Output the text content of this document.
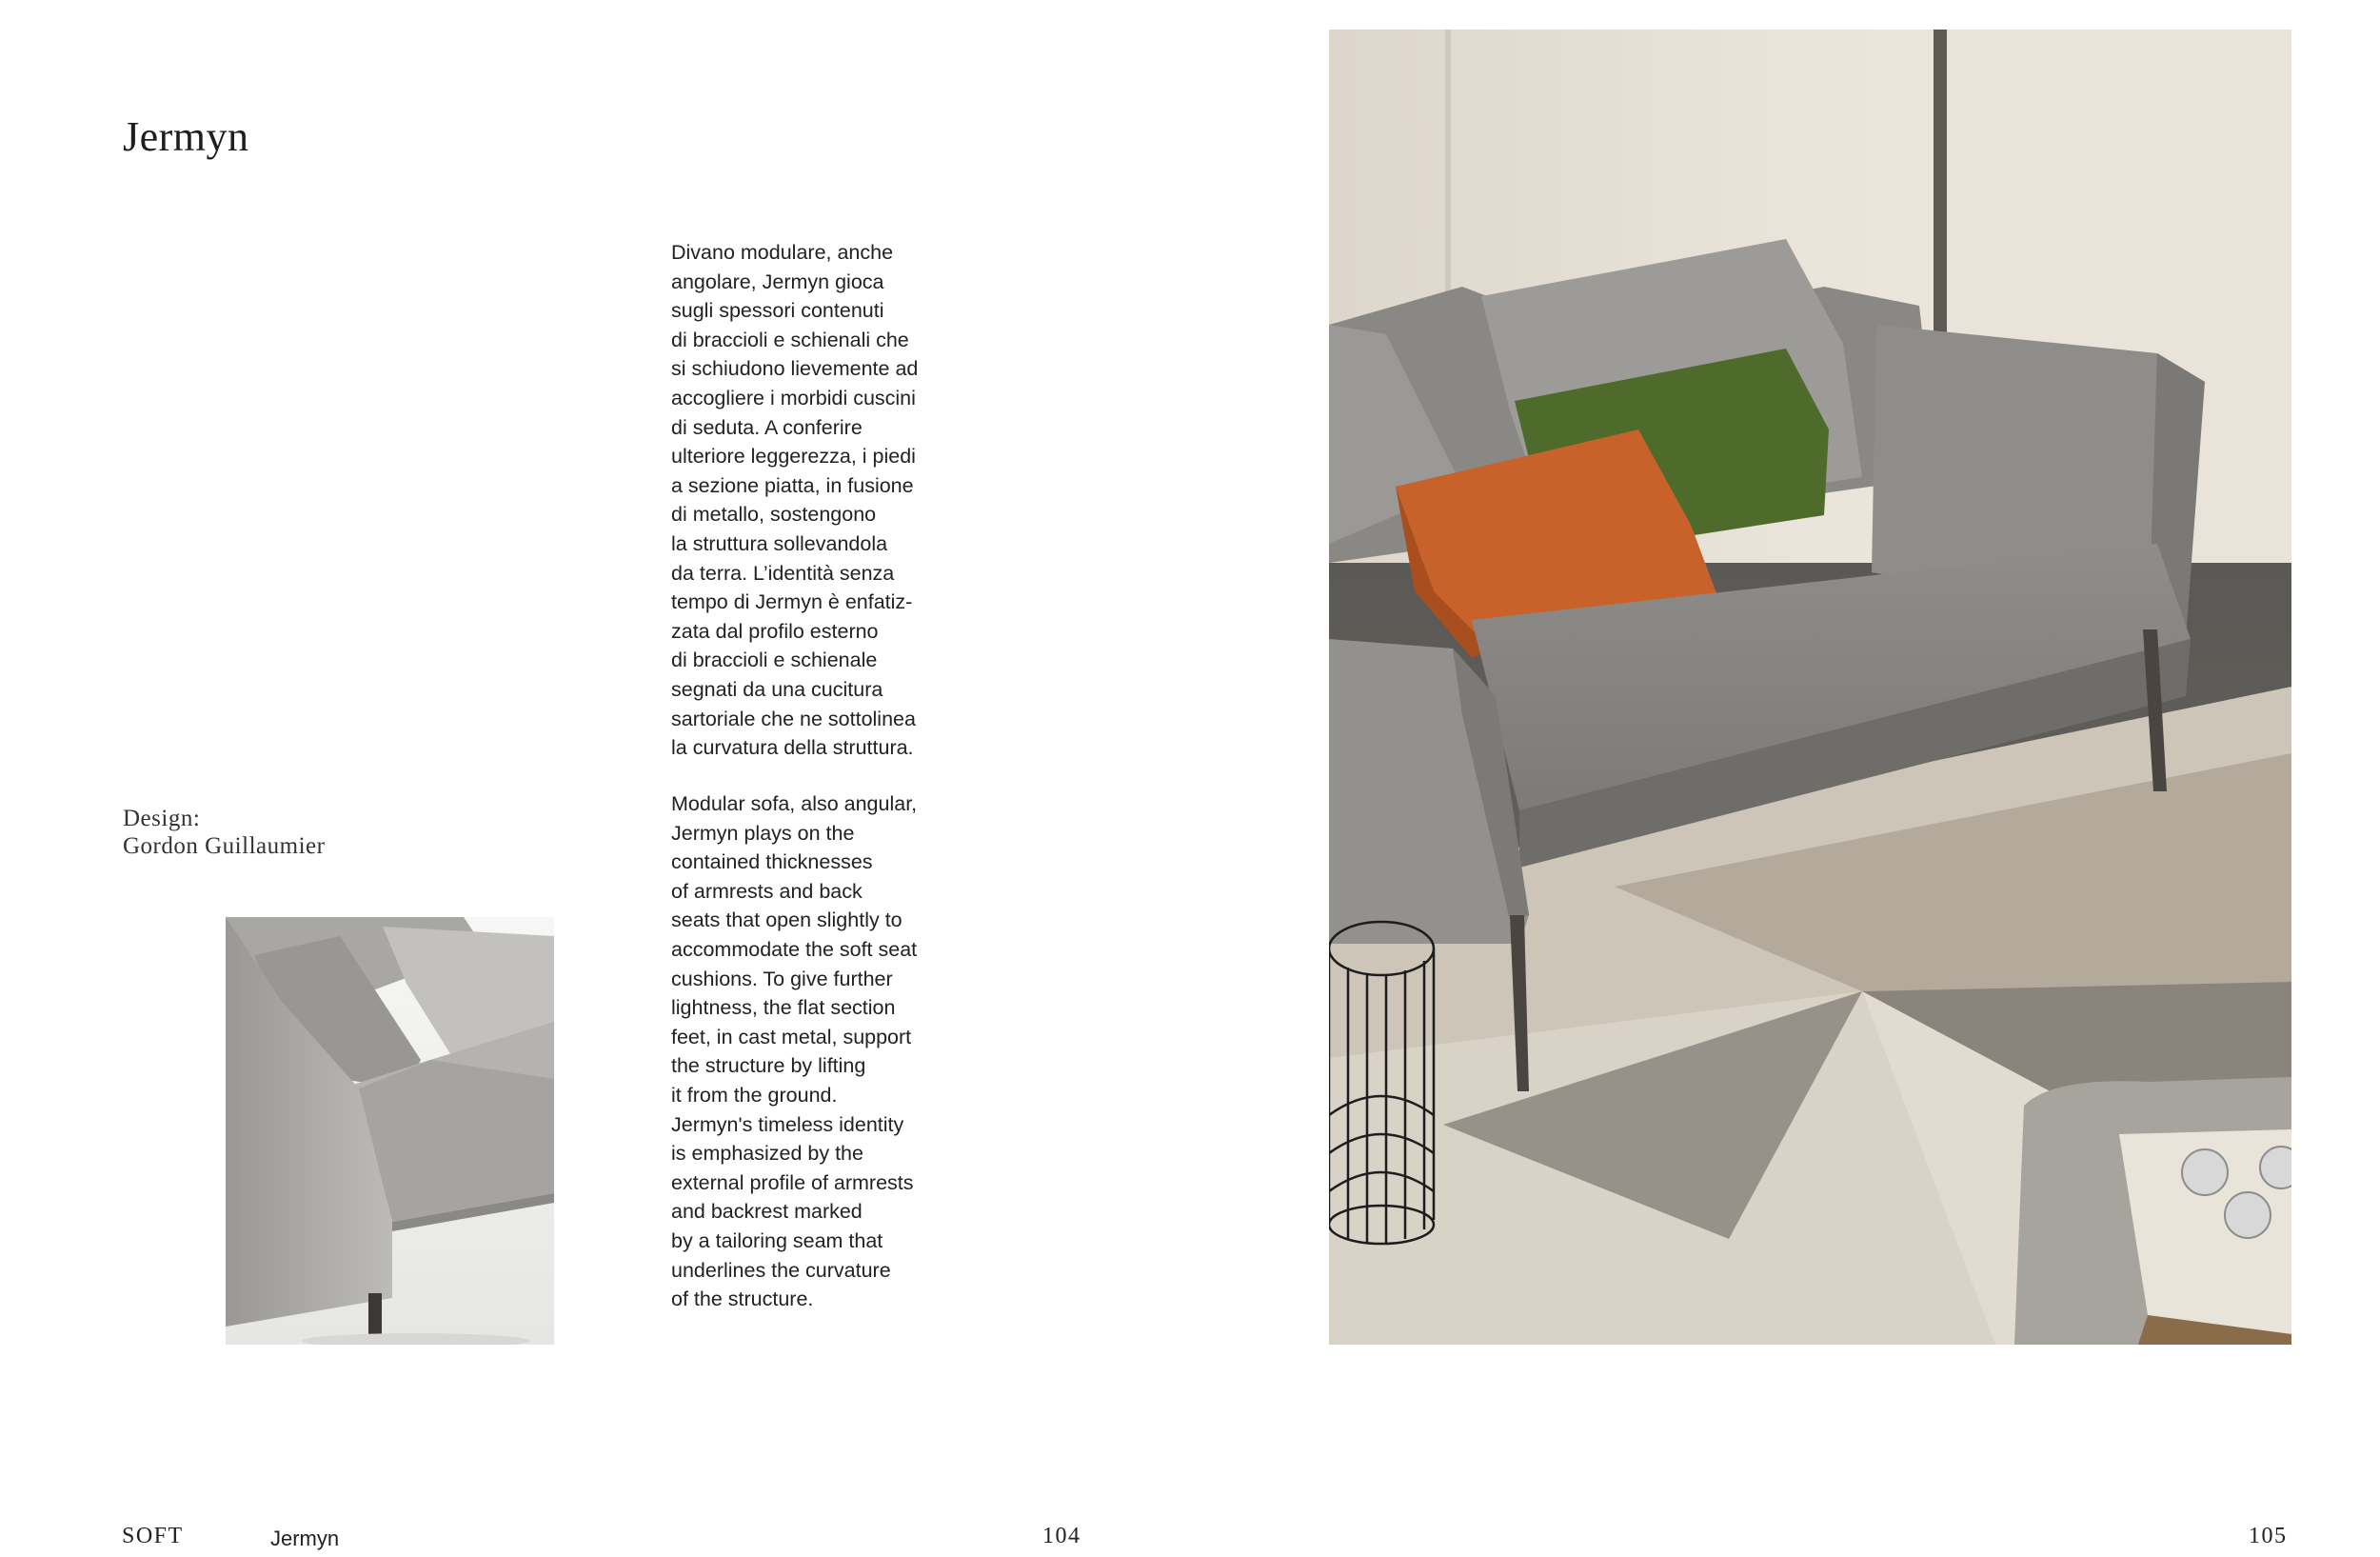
Jermyn
Divano modulare, anche
angolare, Jermyn gioca
sugli spessori contenuti
di braccioli e schienali che
si schiudono lievemente ad
accogliere i morbidi cuscini
di seduta. A conferire
ulteriore leggerezza, i piedi
a sezione piatta, in fusione
di metallo, sostengono
la struttura sollevandola
da terra. L’identità senza
tempo di Jermyn è enfatiz-
zata dal profilo esterno
di braccioli e schienale
segnati da una cucitura
sartoriale che ne sottolinea
la curvatura della struttura.
Modular sofa, also angular,
Jermyn plays on the
contained thicknesses
of armrests and back
seats that open slightly to
accommodate the soft seat
cushions. To give further
lightness, the flat section
feet, in cast metal, support
the structure by lifting
it from the ground.
Jermyn's timeless identity
is emphasized by the
external profile of armrests
and backrest marked
by a tailoring seam that
underlines the curvature
of the structure.
Design:
Gordon Guillaumier
SOFT	Jermyn	104	105
